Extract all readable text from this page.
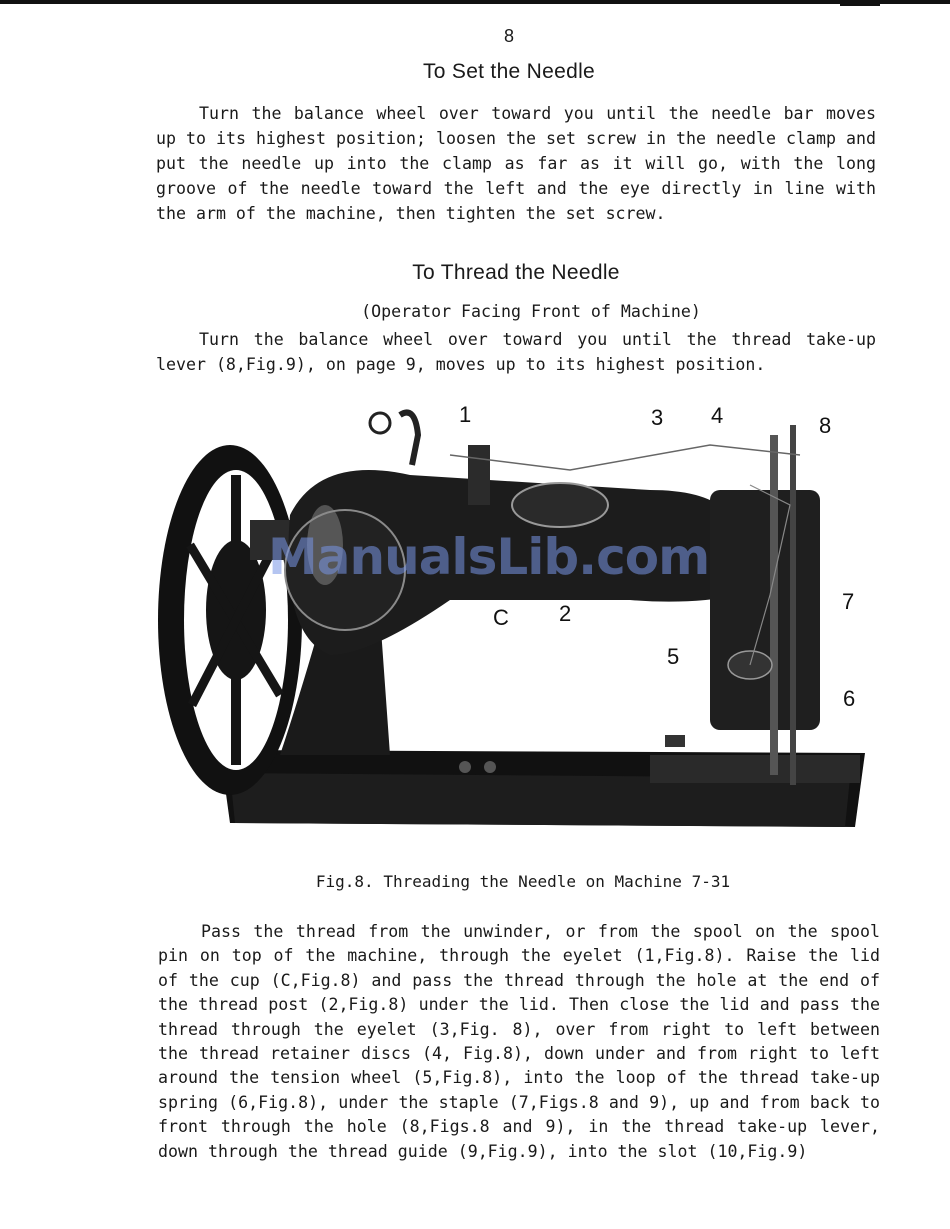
8
To Set the Needle
Turn the balance wheel over toward you until the needle bar moves up to its highest position; loosen the set screw in the needle clamp and put the needle up into the clamp as far as it will go, with the long groove of the needle toward the left and the eye directly in line with the arm of the machine, then tighten the set screw.
To Thread the Needle
(Operator Facing Front of Machine)
Turn the balance wheel over toward you until the thread take-up lever (8,Fig.9), on page 9, moves up to its highest position.
1	3 4	8
C 2	7
5
6
ManualsLib.com
Fig.8. Threading the Needle on Machine 7-31
Pass the thread from the unwinder, or from the spool on the spool pin on top of the machine, through the eyelet (1,Fig.8). Raise the lid of the cup (C,Fig.8) and pass the thread through the hole at the end of the thread post (2,Fig.8) under the lid. Then close the lid and pass the thread through the eyelet (3,Fig. 8), over from right to left between the thread retainer discs (4, Fig.8), down under and from right to left around the tension wheel (5,Fig.8), into the loop of the thread take-up spring (6,Fig.8), under the staple (7,Figs.8 and 9), up and from back to front through the hole (8,Figs.8 and 9), in the thread take-up lever, down through the thread guide (9,Fig.9), into the slot (10,Fig.9)
